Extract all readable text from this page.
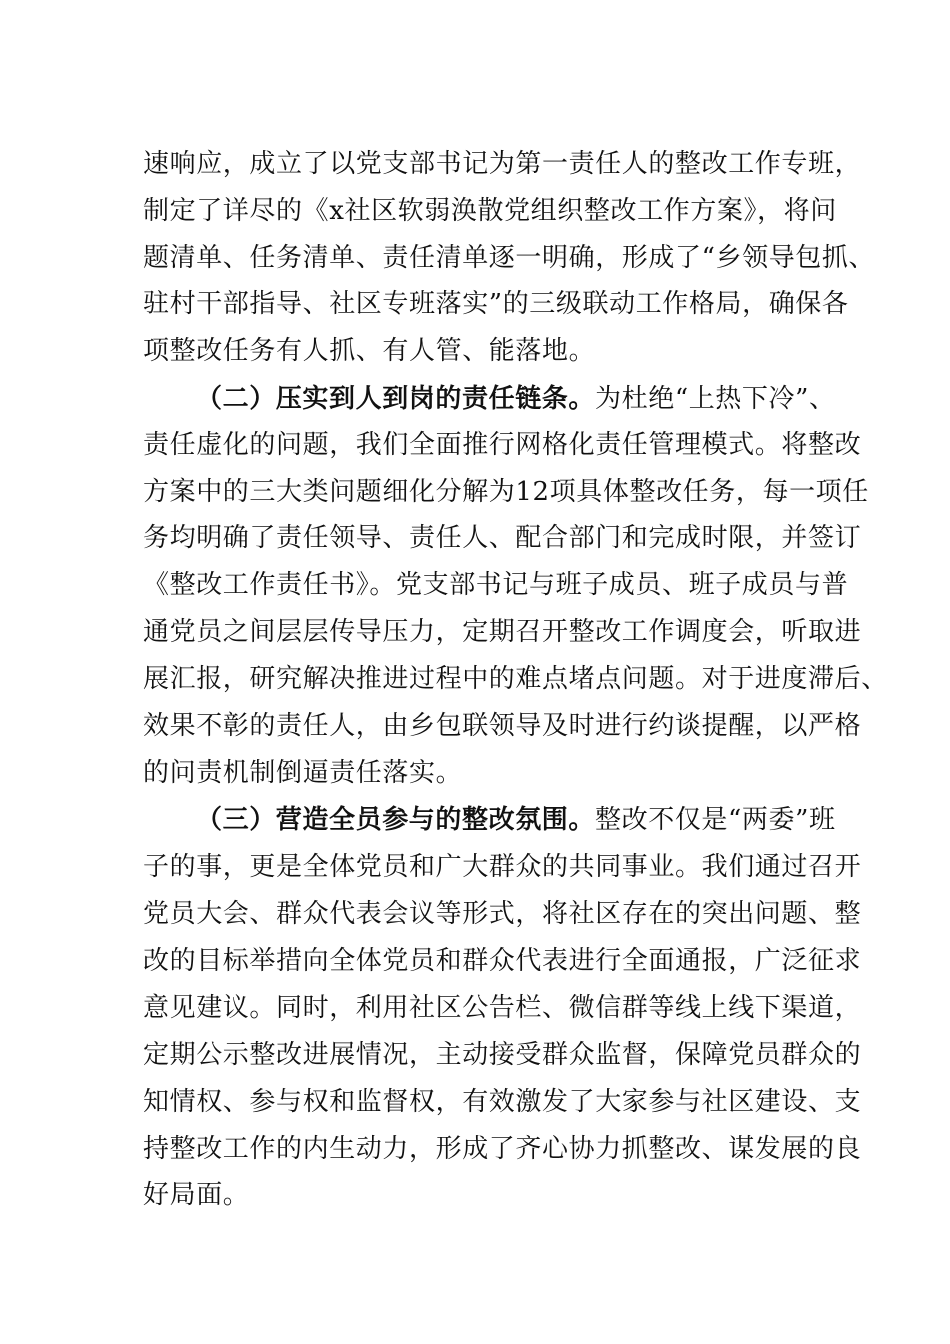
速响应，成立了以党支部书记为第一责任人的整改工作专班，
制定了详尽的《x社区软弱涣散党组织整改工作方案》，将问
题清单、任务清单、责任清单逐一明确，形成了“乡领导包抓、
驻村干部指导、社区专班落实”的三级联动工作格局，确保各
项整改任务有人抓、有人管、能落地。
（二）压实到人到岗的责任链条。为杜绝“上热下冷”、
责任虚化的问题，我们全面推行网格化责任管理模式。将整改
方案中的三大类问题细化分解为12项具体整改任务，每一项任
务均明确了责任领导、责任人、配合部门和完成时限，并签订
《整改工作责任书》。党支部书记与班子成员、班子成员与普
通党员之间层层传导压力，定期召开整改工作调度会，听取进
展汇报，研究解决推进过程中的难点堵点问题。对于进度滞后、
效果不彰的责任人，由乡包联领导及时进行约谈提醒，以严格
的问责机制倒逼责任落实。
（三）营造全员参与的整改氛围。整改不仅是“两委”班
子的事，更是全体党员和广大群众的共同事业。我们通过召开
党员大会、群众代表会议等形式，将社区存在的突出问题、整
改的目标举措向全体党员和群众代表进行全面通报，广泛征求
意见建议。同时，利用社区公告栏、微信群等线上线下渠道，
定期公示整改进展情况，主动接受群众监督，保障党员群众的
知情权、参与权和监督权，有效激发了大家参与社区建设、支
持整改工作的内生动力，形成了齐心协力抓整改、谋发展的良
好局面。
